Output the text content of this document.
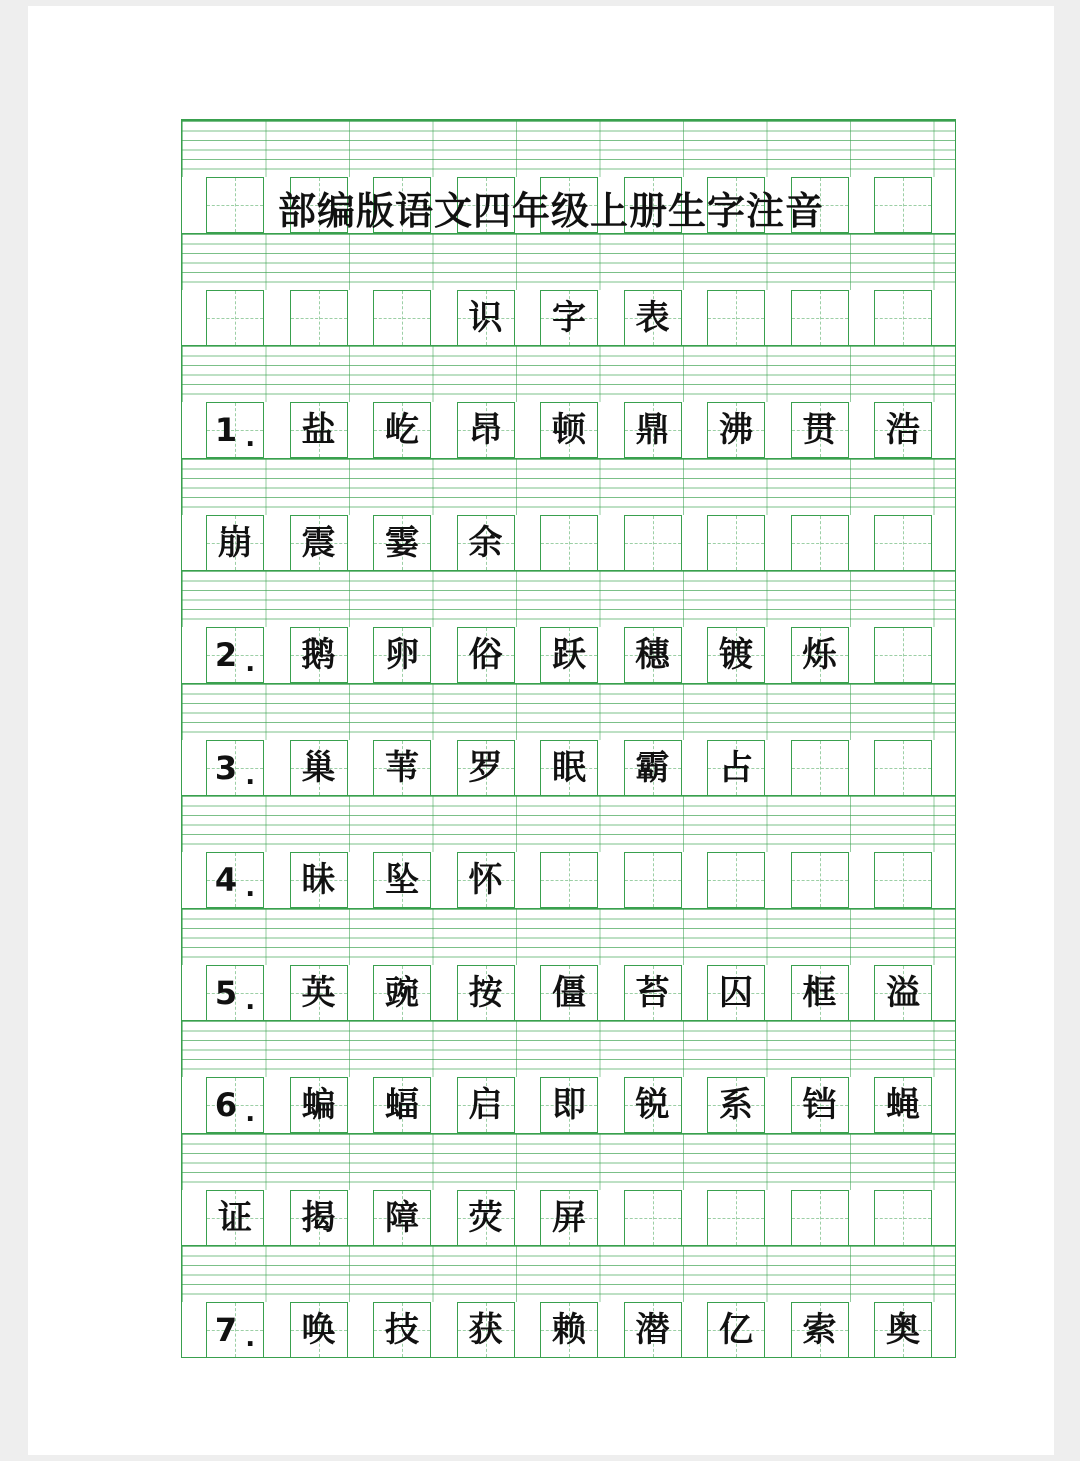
识 字 表
1 . 盐 屹 昂 顿 鼎 沸 贯 浩
崩 震 霎 余
2 . 鹅 卵 俗 跃 穗 镀 烁
3 . 巢 苇 罗 眠 霸 占
4 . 昧 坠 怀
5 . 英 豌 按 僵 苔 囚 框 溢
6 . 蝙 蝠 启 即 锐 系 铛 蝇
证 揭 障 荧 屏
7 . 唤 技 获 赖 潜 亿 索 奥
部编版语文四年级上册生字注音
